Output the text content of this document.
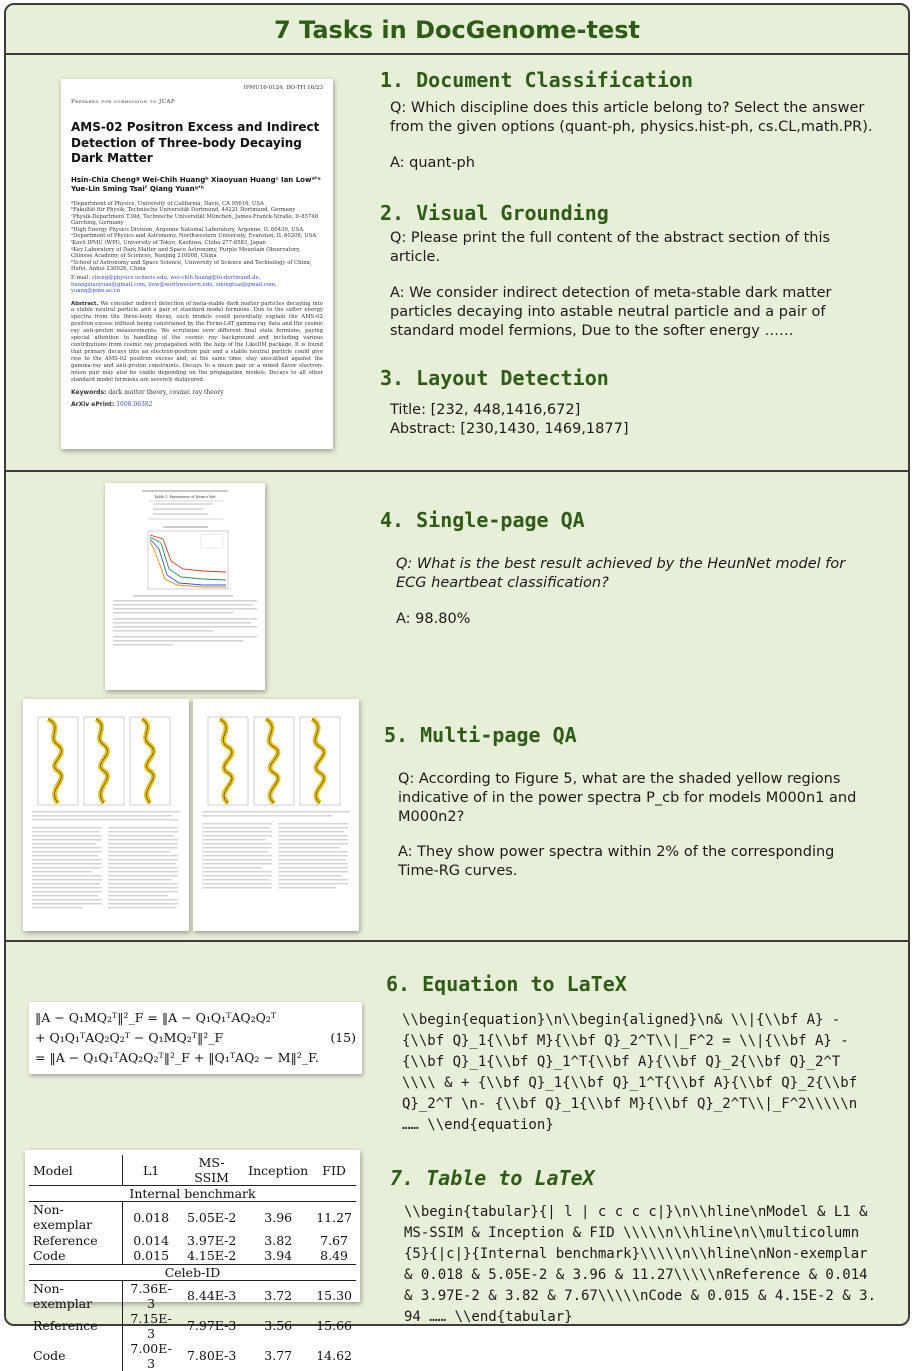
7 Tasks in DocGenome-test
IPMU16-0124, DO-TH 16/23
Prepared for submission to JCAP
AMS-02 Positron Excess and Indirect Detection of Three-body Decaying Dark Matter
Hsin-Chia Chengª Wei-Chih Huangᵇ Xiaoyuan Huangᶜ Ian Lowᵈʼᵉ Yue-Lin Sming Tsaiᶠ Qiang Yuanᵍʼʰ
ªDepartment of Physics, University of California, Davis, CA 95616, USA
ᵇFakultät für Physik, Technische Universität Dortmund, 44221 Dortmund, Germany
ᶜPhysik-Department T30d, Technische Universität München, James-Franck-Straße, D-85748 Garching, Germany
ᵈHigh Energy Physics Division, Argonne National Laboratory, Argonne, IL 60439, USA
ᵉDepartment of Physics and Astronomy, Northwestern University, Evanston, IL 60208, USA
ᶠKavli IPMU (WPI), University of Tokyo, Kashiwa, Chiba 277-8583, Japan
ᵍKey Laboratory of Dark Matter and Space Astronomy, Purple Mountain Observatory, Chinese Academy of Sciences, Nanjing 210008, China
ʰSchool of Astronomy and Space Science, University of Science and Technology of China, Hefei, Anhui 230026, China
E-mail: cheng@physics.ucdavis.edu, wei-chih.huang@tu-dortmund.de, huangxiaoyuan@gmail.com, ilow@northwestern.edu, smingtsai@gmail.com, yuanq@pmo.ac.cn
Abstract. We consider indirect detection of meta-stable dark matter particles decaying into a stable neutral particle and a pair of standard model fermions. Due to the softer energy spectra from the three-body decay, such models could potentially explain the AMS-02 positron excess without being constrained by the Fermi-LAT gamma-ray data and the cosmic ray anti-proton measurements. We scrutinize over different final state fermions, paying special attention to handling of the cosmic ray background and including various contributions from cosmic ray propagation with the help of the LikeDM package. It is found that primary decays into an electron-positron pair and a stable neutral particle could give rise to the AMS-02 positron excess and, at the same time, stay unscathed against the gamma-ray and anti-proton constraints. Decays to a muon pair or a mixed flavor electron-muon pair may also be viable depending on the propagation models. Decays to all other standard model fermions are severely disfavored.
Keywords: dark matter theory, cosmic ray theory
ArXiv ePrint: 1608.06382
1. Document Classification
Q: Which discipline does this article belong to? Select the answer from the given options (quant-ph, physics.hist-ph, cs.CL,math.PR).
A: quant-ph
2. Visual Grounding
Q: Please print the full content of the abstract section of this article.
A: We consider indirect detection of meta-stable dark matter particles decaying into astable neutral particle and a pair of standard model fermions, Due to the softer energy ……
3. Layout Detection
Title: [232, 448,1416,672]
Abstract: [230,1430, 1469,1877]
Table 1: Parameters of Heun's Net
4. Single-page QA
Q: What is the best result achieved by the HeunNet model for ECG heartbeat classification?
A: 98.80%
5. Multi-page QA
Q: According to Figure 5, what are the shaded yellow regions indicative of in the power spectra P_cb for models M000n1 and M000n2?
A: They show power spectra within 2% of the corresponding Time-RG curves.
‖A − Q₁MQ₂ᵀ‖²_F = ‖A − Q₁Q₁ᵀAQ₂Q₂ᵀ
+ Q₁Q₁ᵀAQ₂Q₂ᵀ − Q₁MQ₂ᵀ‖²_F	(15)
= ‖A − Q₁Q₁ᵀAQ₂Q₂ᵀ‖²_F + ‖Q₁ᵀAQ₂ − M‖²_F.
6. Equation to LaTeX
\\begin{equation}\n\\begin{aligned}\n& \\|{\\bf A} - {\\bf Q}_1{\\bf M}{\\bf Q}_2^T\\|_F^2 = \\|{\\bf A} - {\\bf Q}_1{\\bf Q}_1^T{\\bf A}{\\bf Q}_2{\\bf Q}_2^T \\\\ & + {\\bf Q}_1{\\bf Q}_1^T{\\bf A}{\\bf Q}_2{\\bf Q}_2^T \n- {\\bf Q}_1{\\bf M}{\\bf Q}_2^T\\|_F^2\\\\\n …… \\end{equation}
Model	L1	MS-SSIM	Inception	FID
Internal benchmark				
Non-exemplar	0.018	5.05E-2	3.96	11.27
Reference	0.014	3.97E-2	3.82	7.67
Code	0.015	4.15E-2	3.94	8.49
Celeb-ID				
Non-exemplar	7.36E-3	8.44E-3	3.72	15.30
Reference	7.15E-3	7.97E-3	3.56	15.66
Code	7.00E-3	7.80E-3	3.77	14.62
7. Table to LaTeX
\\begin{tabular}{| l | c c c c|}\n\\hline\nModel & L1 & MS-SSIM & Inception & FID \\\\\n\\hline\n\\multicolumn{5}{|c|}{Internal benchmark}\\\\\n\\hline\nNon-exemplar & 0.018 & 5.05E-2 & 3.96 & 11.27\\\\\nReference & 0.014 & 3.97E-2 & 3.82 & 7.67\\\\\nCode & 0.015 & 4.15E-2 & 3.94 …… \\end{tabular}
